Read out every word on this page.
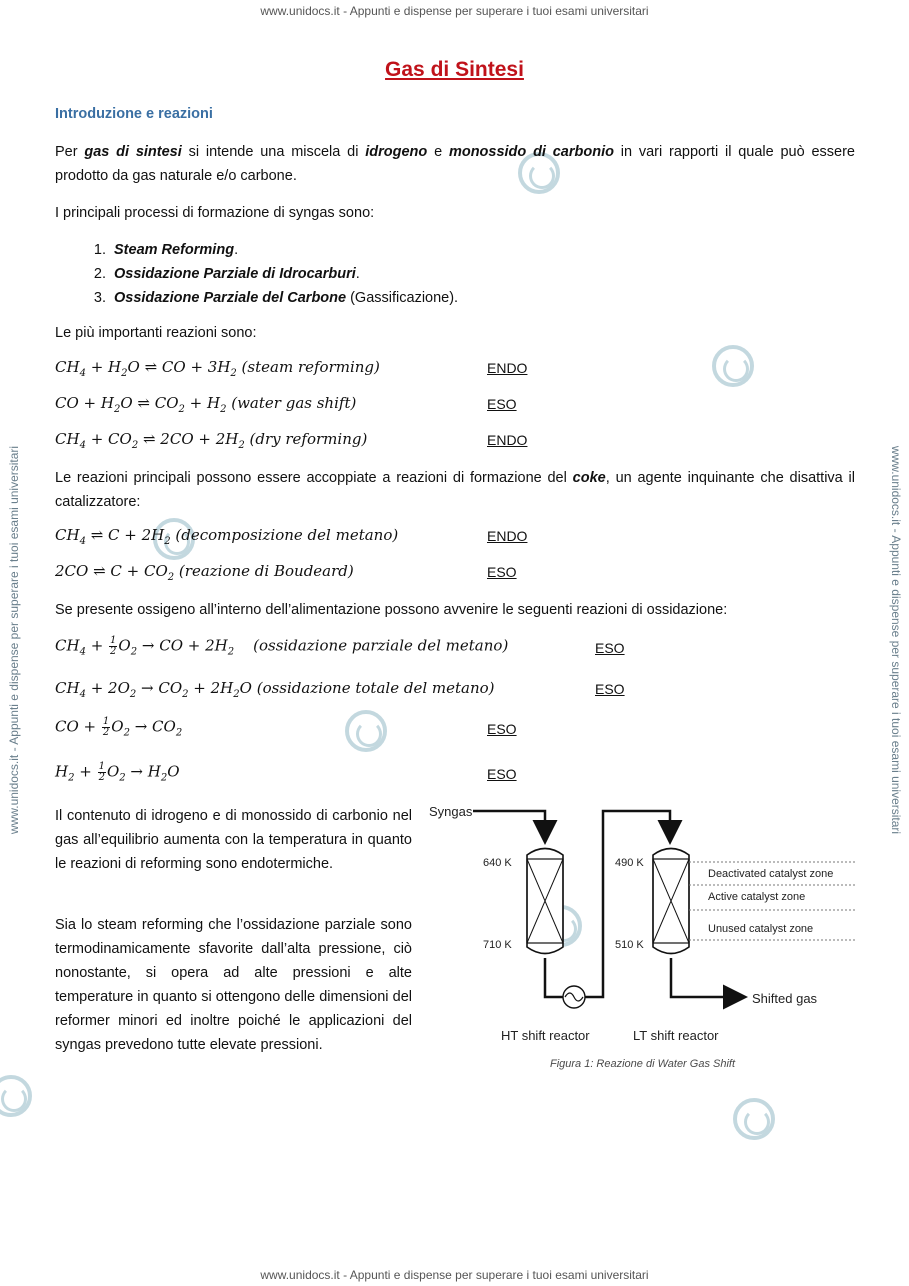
www.unidocs.it - Appunti e dispense per superare i tuoi esami universitari
www.unidocs.it - Appunti e dispense per superare i tuoi esami universitari	www.unidocs.it - Appunti e dispense per superare i tuoi esami universitari
www.unidocs.it - Appunti e dispense per superare i tuoi esami universitari
Gas di Sintesi
Introduzione e reazioni
Per gas di sintesi si intende una miscela di idrogeno e monossido di carbonio in vari rapporti il quale può essere prodotto da gas naturale e/o carbone.
I principali processi di formazione di syngas sono:
1. Steam Reforming.
2. Ossidazione Parziale di Idrocarburi.
3. Ossidazione Parziale del Carbone (Gassificazione).
Le più importanti reazioni sono:
$CH_4 + H_2O$ ⇌ CO + $3H_2$ (steam reforming)	ENDO
CO + $H_2O$ ⇌ $CO_2 + H_2$ (water gas shift)	ESO
$CH_4 + CO_2$ ⇌ $2CO + 2H_2$ (dry reforming)	ENDO
Le reazioni principali possono essere accoppiate a reazioni di formazione del coke, un agente inquinante che disattiva il catalizzatore:
$CH_4$ ⇌ $C + 2H_2$ (decomposizione del metano)	ENDO
2CO ⇌ $C + CO_2$ (reazione di Boudeard)	ESO
Se presente ossigeno all’interno dell’alimentazione possono avvenire le seguenti reazioni di ossidazione:
$CH_4 + \frac{1}{2} O_2$ → CO + $2H_2$    (ossidazione parziale del metano)	ESO
$CH_4 + 2O_2 \to CO_2 + 2H_2O$ (ossidazione totale del metano)	ESO
CO + $\frac{1}{2} O_2 \to CO_2$	ESO
$H_2 + \frac{1}{2} O_2 \to H_2O$	ESO
Il contenuto di idrogeno e di monossido di carbonio nel gas all’equilibrio aumenta con la temperatura in quanto le reazioni di reforming sono endotermiche.
Sia lo steam reforming che l’ossidazione parziale sono termodinamicamente sfavorite dall’alta pressione, ciò nonostante, si opera ad alte pressioni e alte temperature in quanto si ottengono delle dimensioni del reformer minori ed inoltre poiché le applicazioni del syngas prevedono tutte elevate pressioni.
Syngas
640 K
710 K
490 K
510 K
Deactivated catalyst zone
Active catalyst zone
Unused catalyst zone
Shifted gas
HT shift reactor	LT shift reactor
Figura 1: Reazione di Water Gas Shift
